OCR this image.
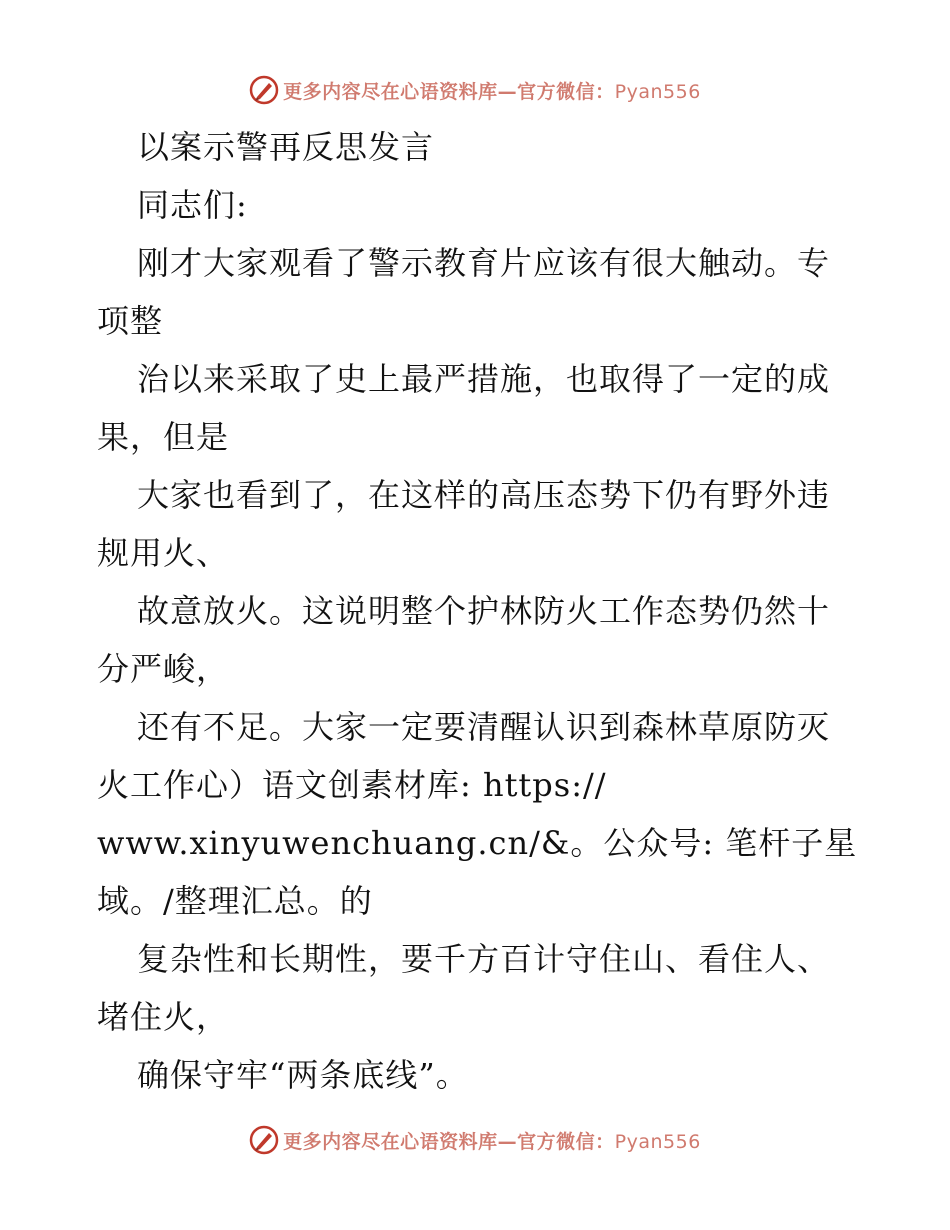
更多内容尽在心语资料库—官方微信：Pyan556
以案示警再反思发言
同志们:
刚才大家观看了警示教育片应该有很大触动。专
项整
治以来采取了史上最严措施，也取得了一定的成
果，但是
大家也看到了，在这样的高压态势下仍有野外违
规用火、
故意放火。这说明整个护林防火工作态势仍然十
分严峻，
还有不足。大家一定要清醒认识到森林草原防灭
火工作心）语文创素材库: https://
www.xinyuwenchuang.cn/&。公众号: 笔杆子星
域。/整理汇总。的
复杂性和长期性，要千方百计守住山、看住人、
堵住火，
确保守牢“两条底线”。
更多内容尽在心语资料库—官方微信：Pyan556
